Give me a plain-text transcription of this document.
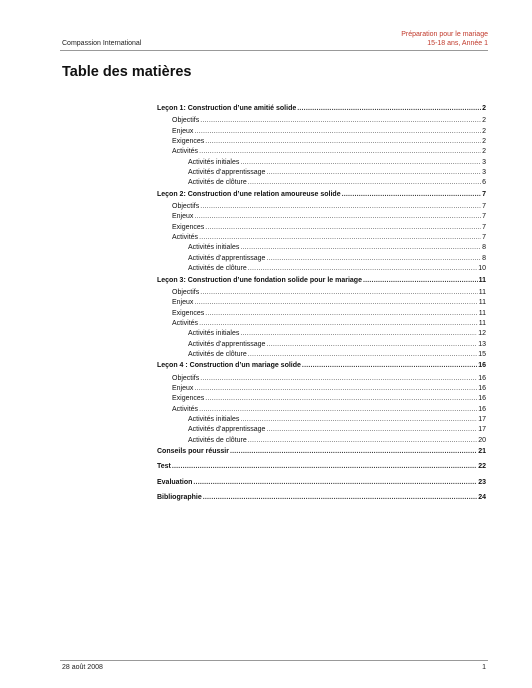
Compassion International
Préparation pour le mariage
15-18 ans, Année 1
Table des matières
Leçon 1: Construction d’une amitié solide .....	2
Objectifs .....	2
Enjeux .....	2
Exigences .....	2
Activités .....	2
Activités initiales .....	3
Activités d’apprentissage .....	3
Activités de clôture .....	6
Leçon 2: Construction d’une relation amoureuse solide .....	7
Objectifs .....	7
Enjeux .....	7
Exigences .....	7
Activités .....	7
Activités initiales .....	8
Activités d’apprentissage .....	8
Activités de clôture .....	10
Leçon 3: Construction d’une fondation solide pour le mariage .....	11
Objectifs .....	11
Enjeux .....	11
Exigences .....	11
Activités .....	11
Activités initiales .....	12
Activités d’apprentissage .....	13
Activités de clôture .....	15
Leçon 4 : Construction d’un mariage solide .....	16
Objectifs .....	16
Enjeux .....	16
Exigences .....	16
Activités .....	16
Activités initiales .....	17
Activités d’apprentissage .....	17
Activités de clôture .....	20
Conseils pour réussir .....	21
Test .....	22
Evaluation .....	23
Bibliographie .....	24
28 août 2008	1
